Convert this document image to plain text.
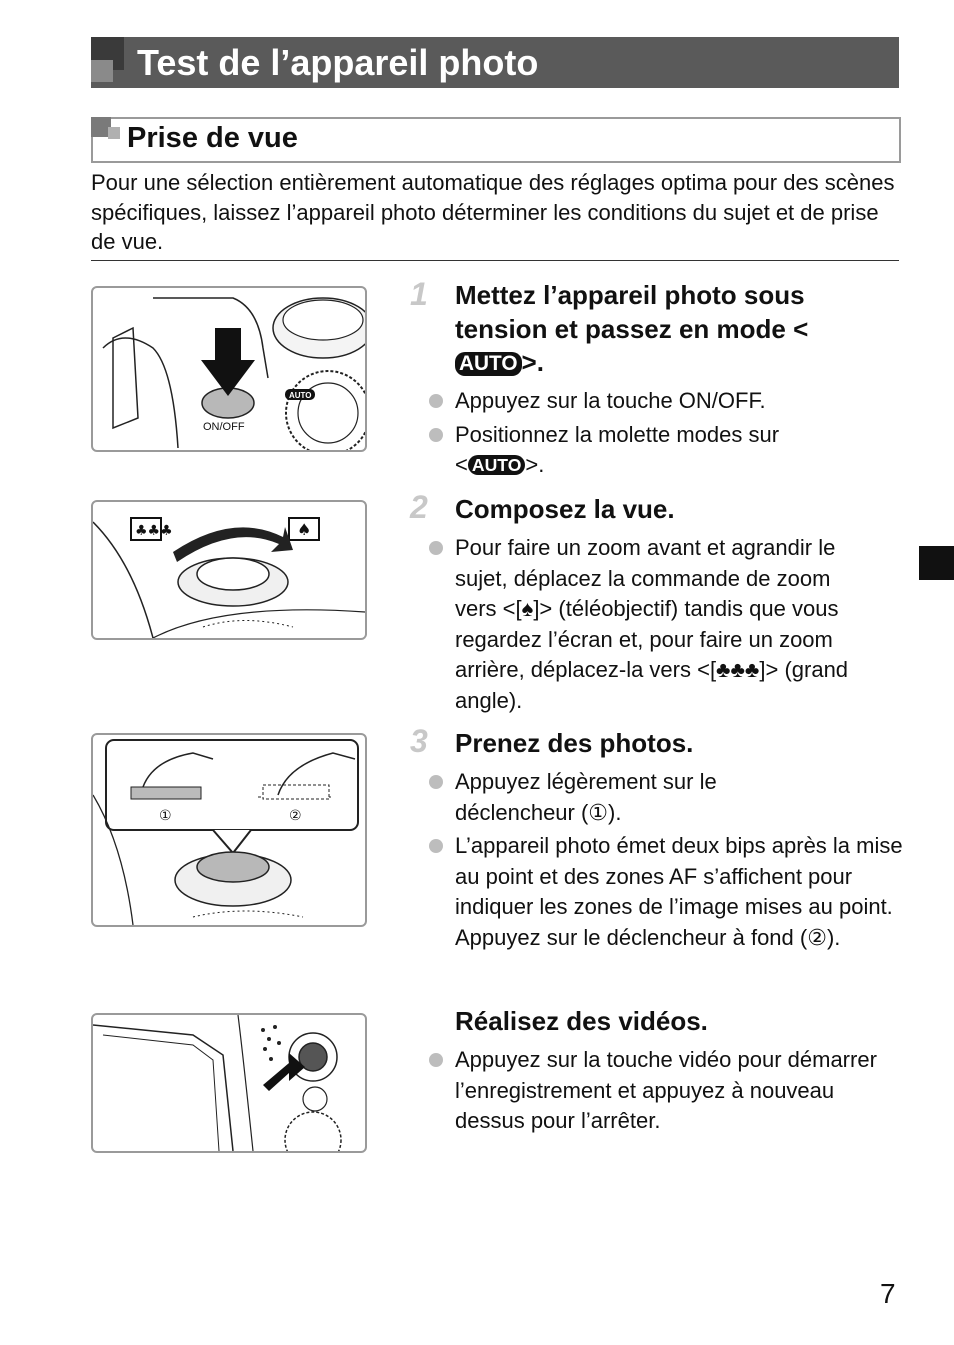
Test de l’appareil photo
Prise de vue
Pour une sélection entièrement automatique des réglages optima pour des scènes spécifiques, laissez l’appareil photo déterminer les conditions du sujet et de prise de vue.
ON/OFF
AUTO
♣♣♣	♠
①	②
1 Mettez l’appareil photo sous tension et passez en mode <AUTO >.
Appuyez sur la touche ON/OFF.
Positionnez la molette modes sur < AUTO >.
2 Composez la vue.
Pour faire un zoom avant et agrandir le sujet, déplacez la commande de zoom vers <[♠]> (téléobjectif) tandis que vous regardez l’écran et, pour faire un zoom arrière, déplacez-la vers <[♣♣♣]> (grand angle).
3 Prenez des photos.
Appuyez légèrement sur le déclencheur (①).
L’appareil photo émet deux bips après la mise au point et des zones AF s’affichent pour indiquer les zones de l’image mises au point. Appuyez sur le déclencheur à fond (②).
Réalisez des vidéos.
Appuyez sur la touche vidéo pour démarrer l’enregistrement et appuyez à nouveau dessus pour l’arrêter.
7
